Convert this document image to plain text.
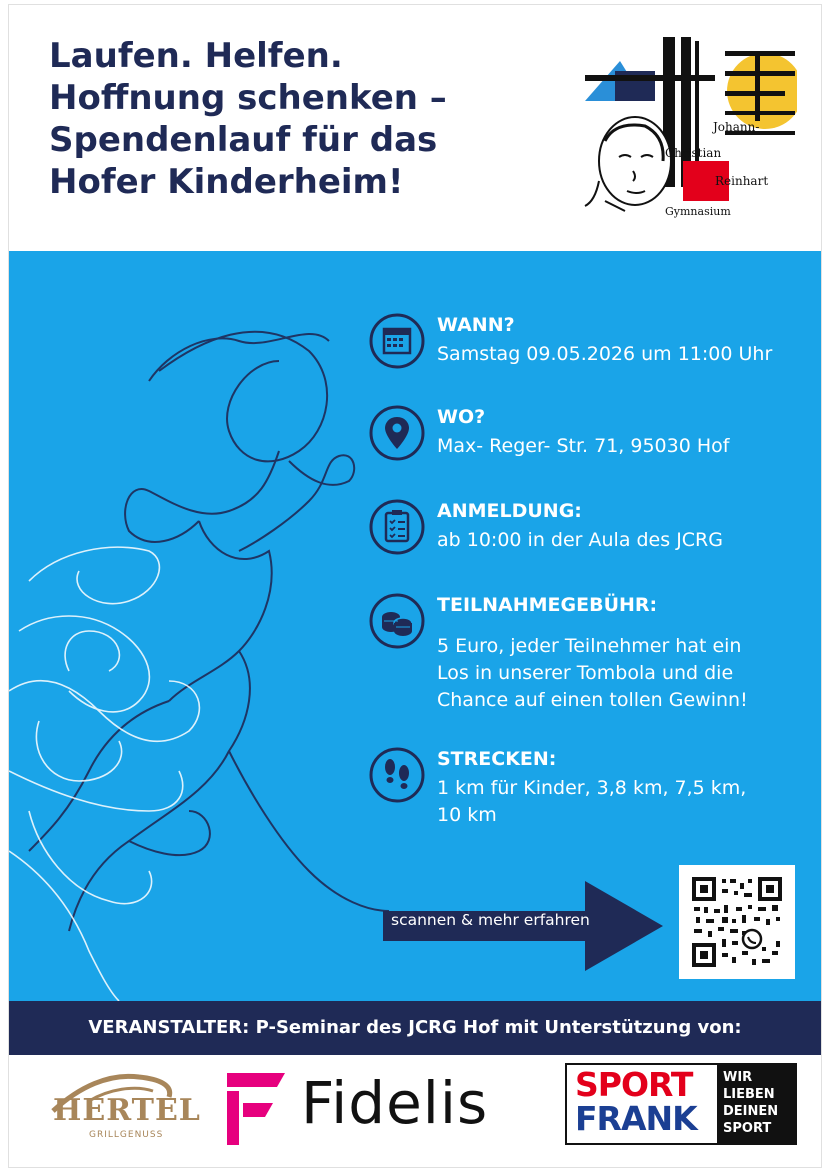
Laufen. Helfen.
Hoffnung schenken –
Spendenlauf für das
Hofer Kinderheim!
Johann-
Christian
Reinhart
Gymnasium
WANN?
Samstag 09.05.2026 um 11:00 Uhr
WO?
Max- Reger- Str. 71, 95030 Hof
ANMELDUNG:
ab 10:00 in der Aula des JCRG
TEILNAHMEGEBÜHR:
5 Euro, jeder Teilnehmer hat ein
Los in unserer Tombola und die
Chance auf einen tollen Gewinn!
STRECKEN:
1 km für Kinder, 3,8 km, 7,5 km,
10 km
scannen & mehr erfahren
VERANSTALTER: P-Seminar des JCRG Hof mit Unterstützung von:
HERTEL
GRILLGENUSS Fidelis	SPORT
FRANK
WIR
LIEBEN
DEINEN
SPORT
